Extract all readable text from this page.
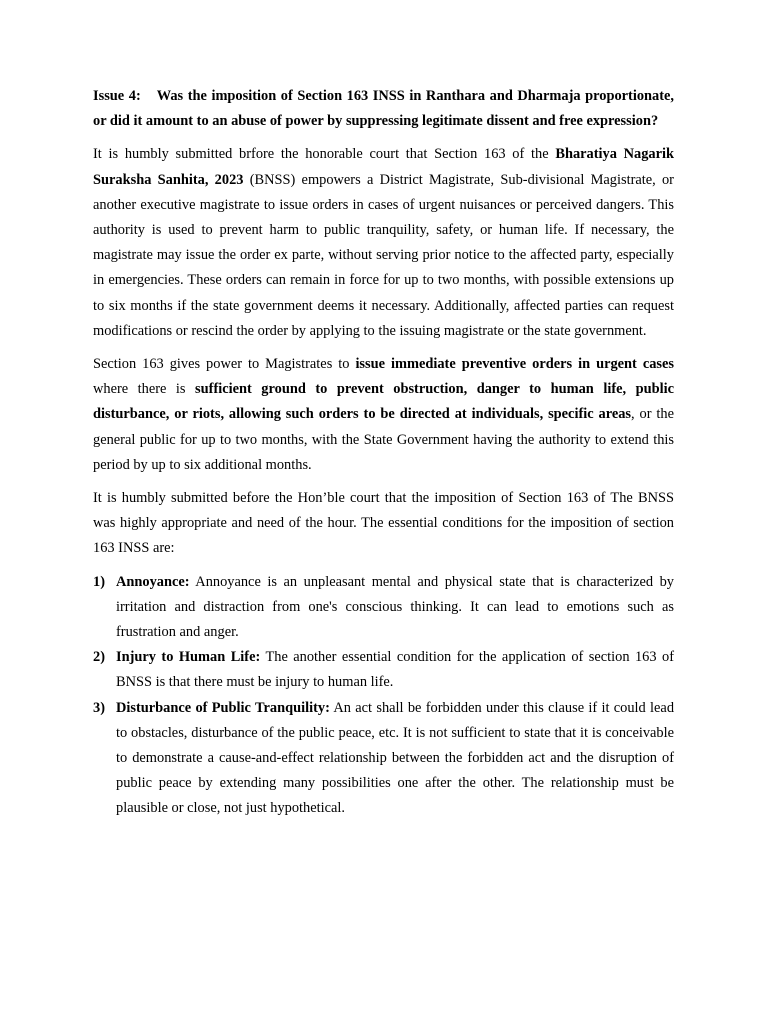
Issue 4: Was the imposition of Section 163 INSS in Ranthara and Dharmaja proportionate, or did it amount to an abuse of power by suppressing legitimate dissent and free expression?

It is humbly submitted brfore the honorable court that Section 163 of the Bharatiya Nagarik Suraksha Sanhita, 2023 (BNSS) empowers a District Magistrate, Sub-divisional Magistrate, or another executive magistrate to issue orders in cases of urgent nuisances or perceived dangers. This authority is used to prevent harm to public tranquility, safety, or human life. If necessary, the magistrate may issue the order ex parte, without serving prior notice to the affected party, especially in emergencies. These orders can remain in force for up to two months, with possible extensions up to six months if the state government deems it necessary. Additionally, affected parties can request modifications or rescind the order by applying to the issuing magistrate or the state government.

Section 163 gives power to Magistrates to issue immediate preventive orders in urgent cases where there is sufficient ground to prevent obstruction, danger to human life, public disturbance, or riots, allowing such orders to be directed at individuals, specific areas, or the general public for up to two months, with the State Government having the authority to extend this period by up to six additional months.

It is humbly submitted before the Hon’ble court that the imposition of Section 163 of The BNSS was highly appropriate and need of the hour. The essential conditions for the imposition of section 163 INSS are:

1) Annoyance: Annoyance is an unpleasant mental and physical state that is characterized by irritation and distraction from one's conscious thinking. It can lead to emotions such as frustration and anger.
2) Injury to Human Life: The another essential condition for the application of section 163 of BNSS is that there must be injury to human life.
3) Disturbance of Public Tranquility: An act shall be forbidden under this clause if it could lead to obstacles, disturbance of the public peace, etc. It is not sufficient to state that it is conceivable to demonstrate a cause-and-effect relationship between the forbidden act and the disruption of public peace by extending many possibilities one after the other. The relationship must be plausible or close, not just hypothetical.
